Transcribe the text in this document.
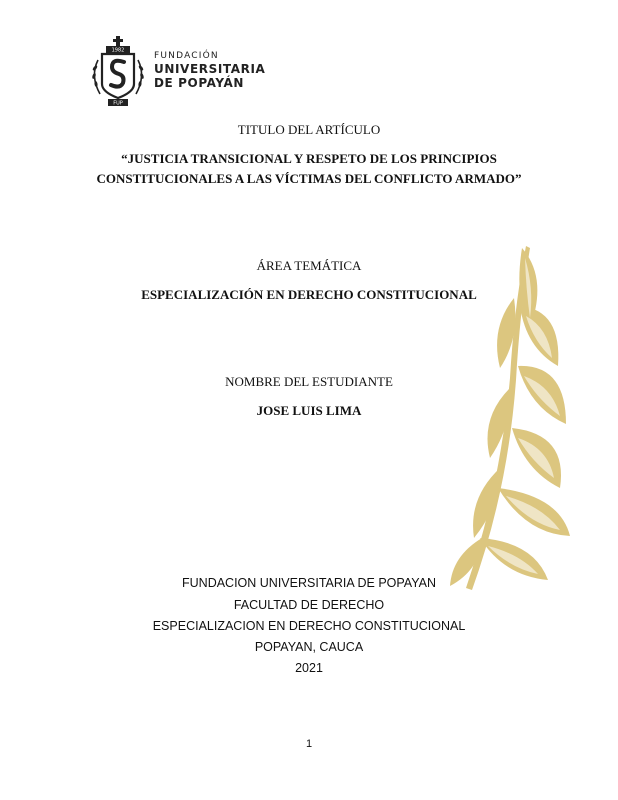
1982
FUP
FUNDACIÓN
UNIVERSITARIA
DE POPAYÁN
TITULO DEL ARTÍCULO
“JUSTICIA TRANSICIONAL Y RESPETO DE LOS PRINCIPIOS
CONSTITUCIONALES A LAS VÍCTIMAS DEL CONFLICTO ARMADO”
ÁREA TEMÁTICA
ESPECIALIZACIÓN EN DERECHO CONSTITUCIONAL
NOMBRE DEL ESTUDIANTE
JOSE LUIS LIMA
FUNDACION UNIVERSITARIA DE POPAYAN
FACULTAD DE DERECHO
ESPECIALIZACION EN DERECHO CONSTITUCIONAL
POPAYAN, CAUCA
2021
1
